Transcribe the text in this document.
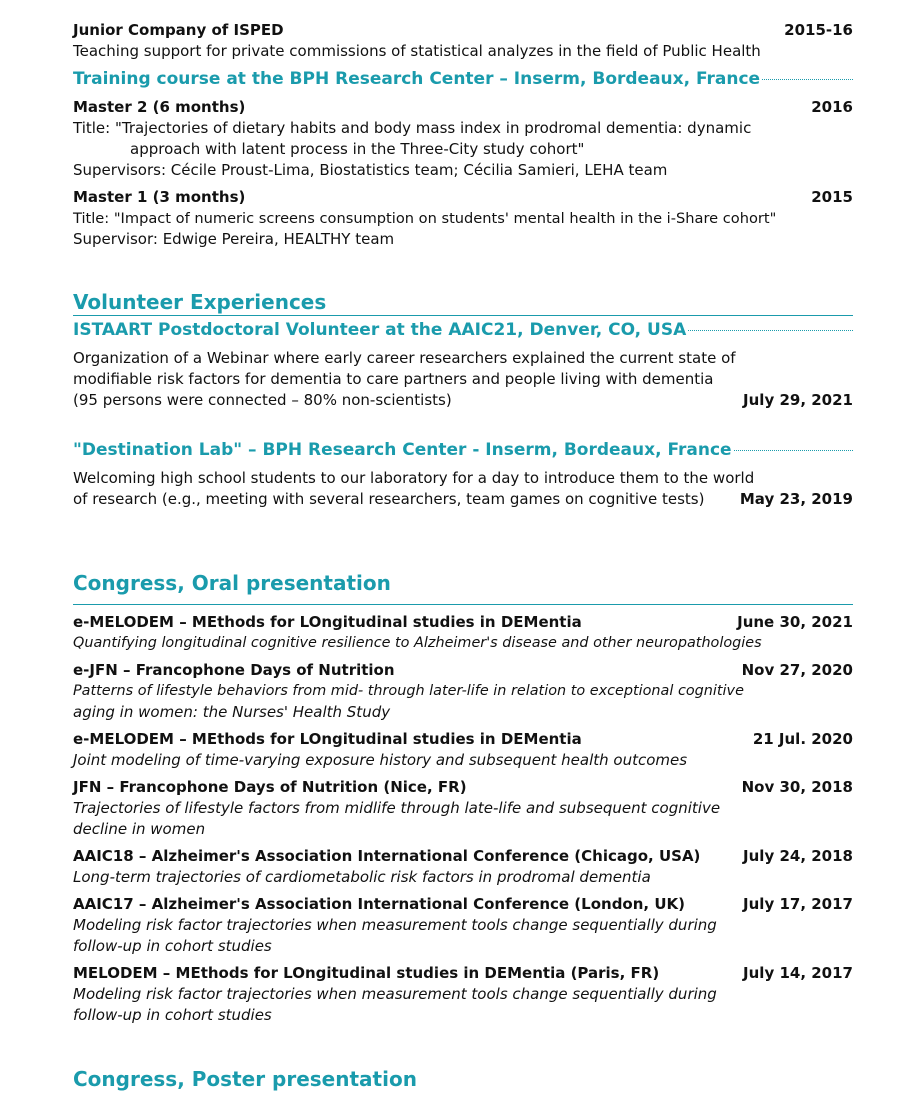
Junior Company of ISPED	2015-16
Teaching support for private commissions of statistical analyzes in the field of Public Health
Training course at the BPH Research Center – Inserm, Bordeaux, France
Master 2 (6 months)	2016
Title: "Trajectories of dietary habits and body mass index in prodromal dementia: dynamic
approach with latent process in the Three-City study cohort"
Supervisors: Cécile Proust-Lima, Biostatistics team; Cécilia Samieri, LEHA team
Master 1 (3 months)	2015
Title: "Impact of numeric screens consumption on students' mental health in the i-Share cohort"
Supervisor: Edwige Pereira, HEALTHY team
Volunteer Experiences
ISTAART Postdoctoral Volunteer at the AAIC21, Denver, CO, USA
Organization of a Webinar where early career researchers explained the current state of
modifiable risk factors for dementia to care partners and people living with dementia
(95 persons were connected – 80% non-scientists)	July 29, 2021
"Destination Lab" – BPH Research Center - Inserm, Bordeaux, France
Welcoming high school students to our laboratory for a day to introduce them to the world
of research (e.g., meeting with several researchers, team games on cognitive tests) May 23, 2019
Congress, Oral presentation
e-MELODEM – MEthods for LOngitudinal studies in DEMentia	June 30, 2021
Quantifying longitudinal cognitive resilience to Alzheimer's disease and other neuropathologies
e-JFN – Francophone Days of Nutrition	Nov 27, 2020
Patterns of lifestyle behaviors from mid- through later-life in relation to exceptional cognitive
aging in women: the Nurses' Health Study
e-MELODEM – MEthods for LOngitudinal studies in DEMentia	21 Jul. 2020
Joint modeling of time-varying exposure history and subsequent health outcomes
JFN – Francophone Days of Nutrition (Nice, FR)	Nov 30, 2018
Trajectories of lifestyle factors from midlife through late-life and subsequent cognitive
decline in women
AAIC18 – Alzheimer's Association International Conference (Chicago, USA)	July 24, 2018
Long-term trajectories of cardiometabolic risk factors in prodromal dementia
AAIC17 – Alzheimer's Association International Conference (London, UK)	July 17, 2017
Modeling risk factor trajectories when measurement tools change sequentially during
follow-up in cohort studies
MELODEM – MEthods for LOngitudinal studies in DEMentia (Paris, FR)	July 14, 2017
Modeling risk factor trajectories when measurement tools change sequentially during
follow-up in cohort studies
Congress, Poster presentation
